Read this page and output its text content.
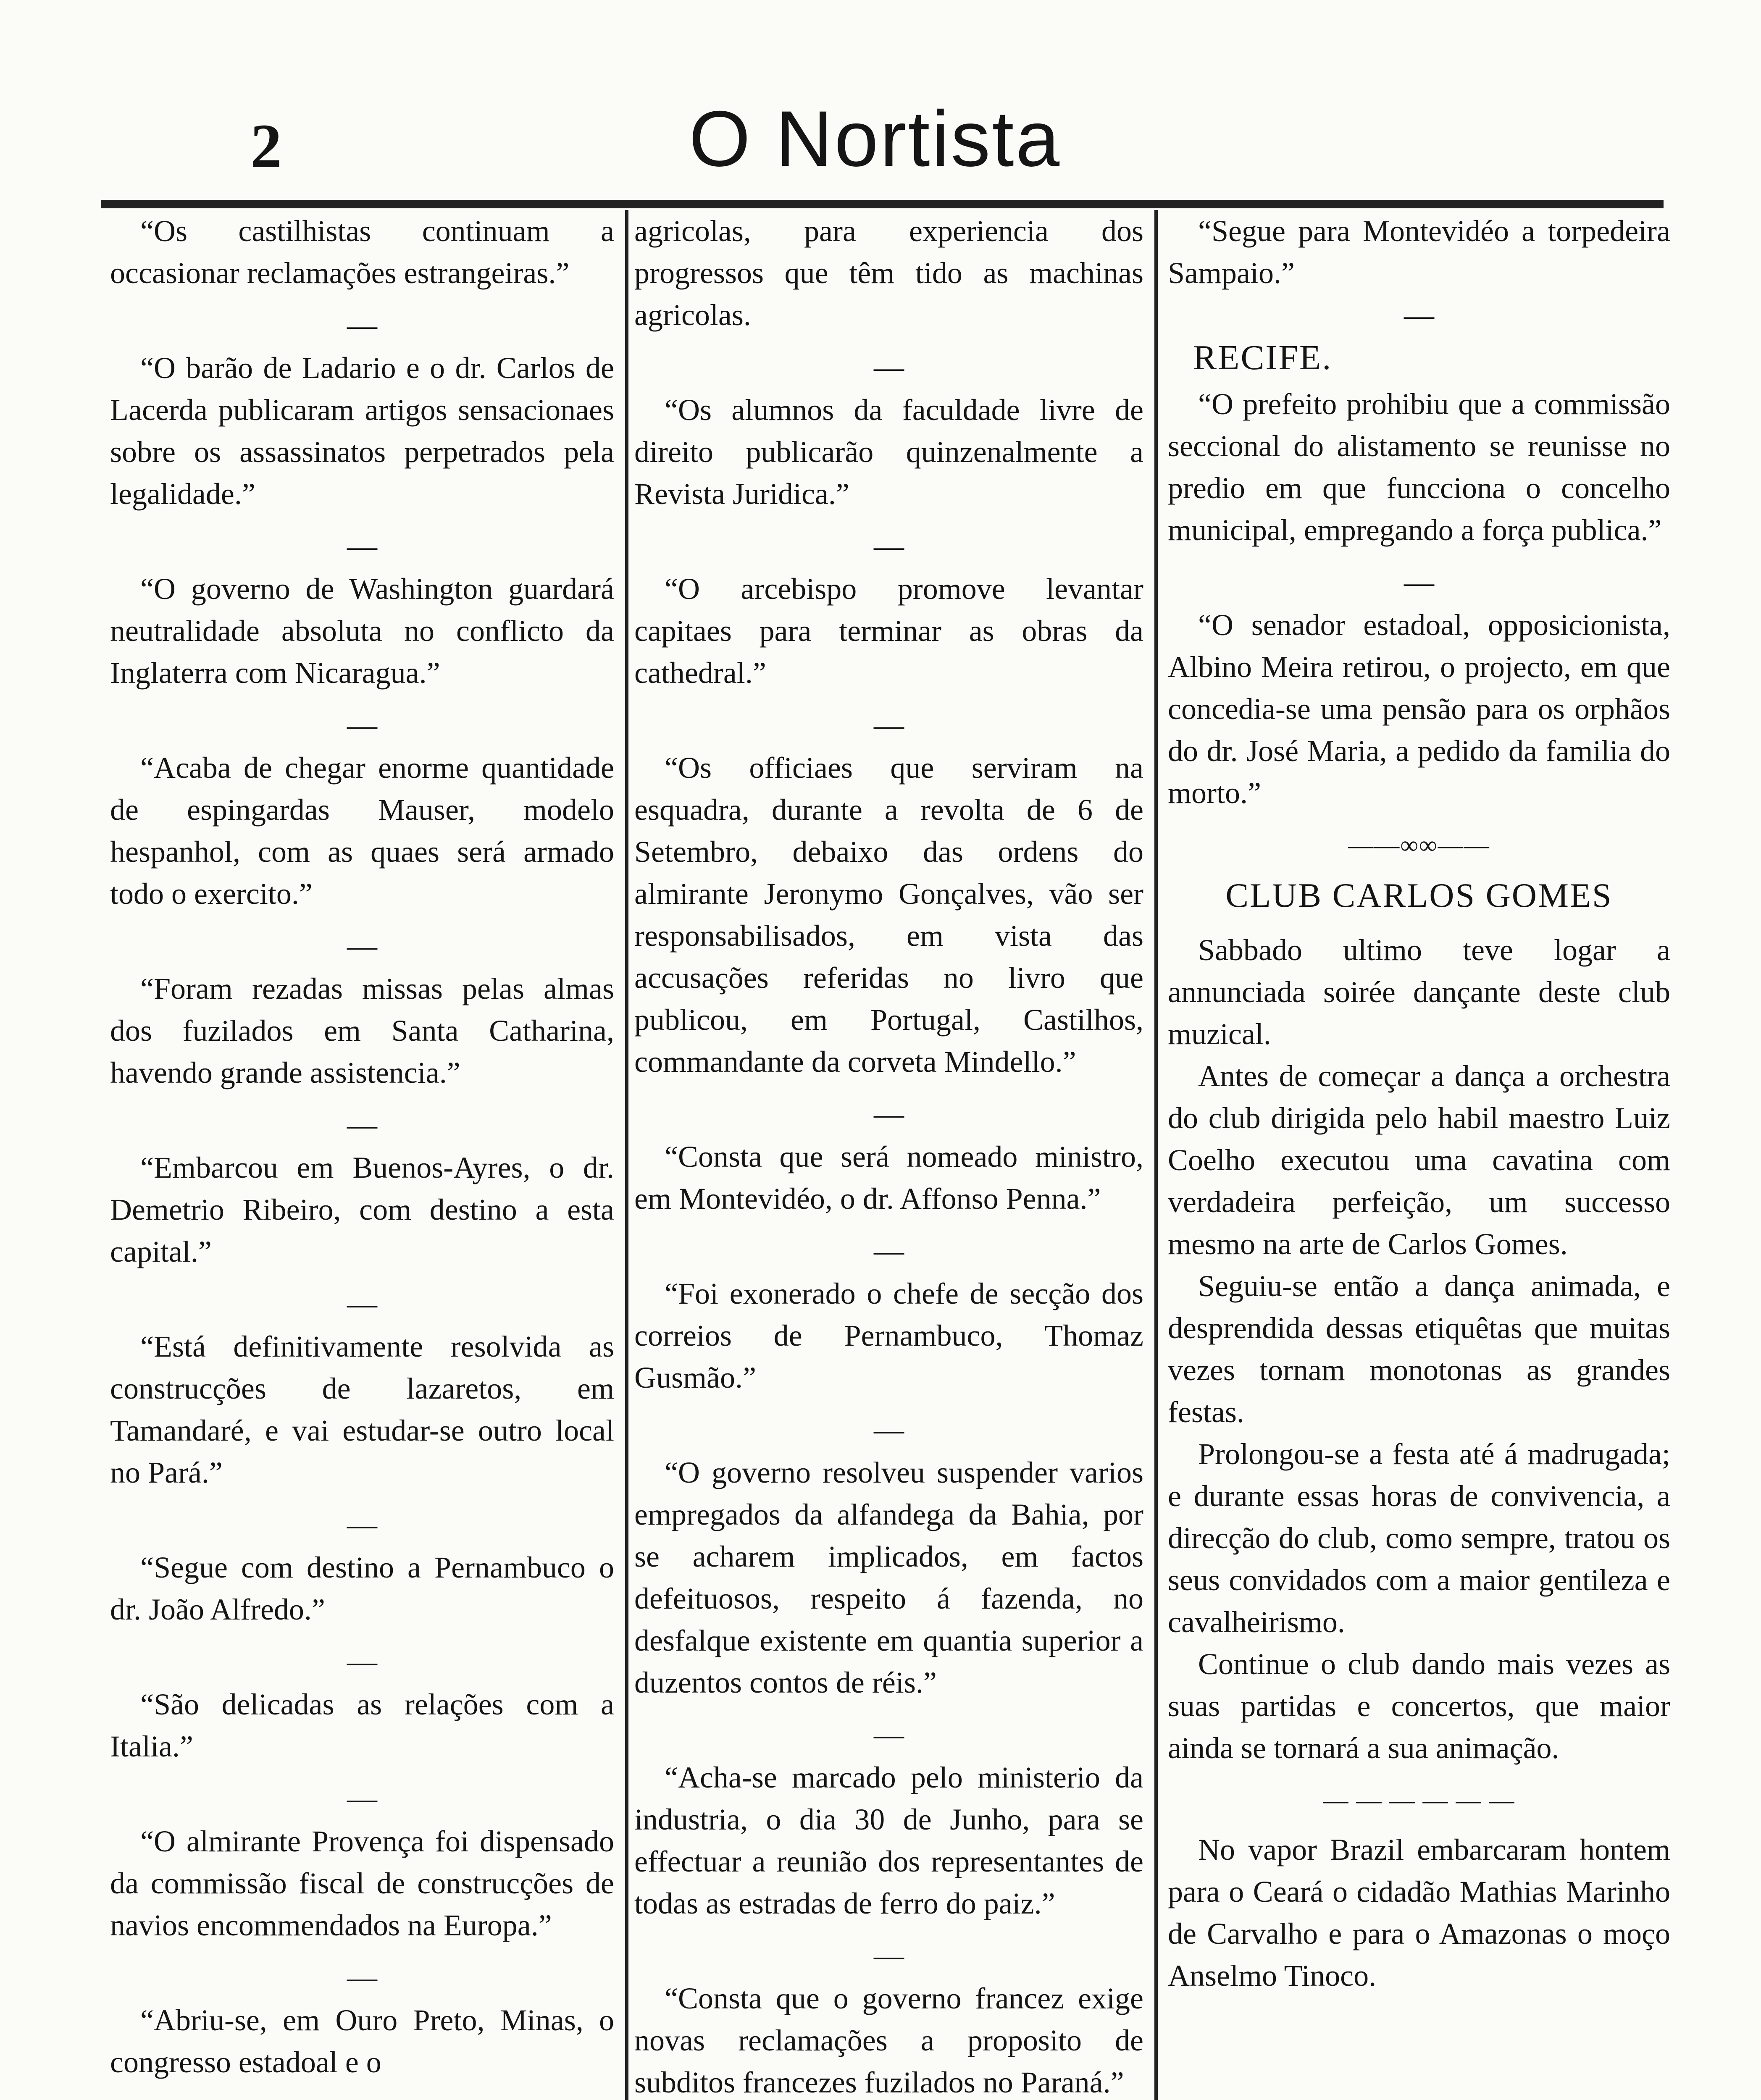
2	O Nortista

“Os castilhistas continuam a occasionar reclamações estrangeiras.”

—

“O barão de Ladario e o dr. Carlos de Lacerda publicaram artigos sensacionaes sobre os assassinatos perpetrados pela legalidade.”

—

“O governo de Washington guardará neutralidade absoluta no conflicto da Inglaterra com Nicaragua.”

—

“Acaba de chegar enorme quantidade de espingardas Mauser, modelo hespanhol, com as quaes será armado todo o exercito.”

—

“Foram rezadas missas pelas almas dos fuzilados em Santa Catharina, havendo grande assistencia.”

—

“Embarcou em Buenos-Ayres, o dr. Demetrio Ribeiro, com destino a esta capital.”

—

“Está definitivamente resolvida as construcções de lazaretos, em Tamandaré, e vai estudar-se outro local no Pará.”

—

“Segue com destino a Pernambuco o dr. João Alfredo.”

—

“São delicadas as relações com a Italia.”

—

“O almirante Provença foi dispensado da commissão fiscal de construcções de navios encommendados na Europa.”

—

“Abriu-se, em Ouro Preto, Minas, o congresso estadoal e o

agricolas, para experiencia dos progressos que têm tido as machinas agricolas.

—

“Os alumnos da faculdade livre de direito publicarão quinzenalmente a Revista Juridica.”

—

“O arcebispo promove levantar capitaes para terminar as obras da cathedral.”

—

“Os officiaes que serviram na esquadra, durante a revolta de 6 de Setembro, debaixo das ordens do almirante Jeronymo Gonçalves, vão ser responsabilisados, em vista das accusações referidas no livro que publicou, em Portugal, Castilhos, commandante da corveta Mindello.”

—

“Consta que será nomeado ministro, em Montevidéo, o dr. Affonso Penna.”

—

“Foi exonerado o chefe de secção dos correios de Pernambuco, Thomaz Gusmão.”

—

“O governo resolveu suspender varios empregados da alfandega da Bahia, por se acharem implicados, em factos defeituosos, respeito á fazenda, no desfalque existente em quantia superior a duzentos contos de réis.”

—

“Acha-se marcado pelo ministerio da industria, o dia 30 de Junho, para se effectuar a reunião dos representantes de todas as estradas de ferro do paiz.”

—

“Consta que o governo francez exige novas reclamações a proposito de subditos francezes fuzilados no Paraná.”

“Segue para Montevidéo a torpedeira Sampaio.”

—
RECIFE.

“O prefeito prohibiu que a commissão seccional do alistamento se reunisse no predio em que funcciona o concelho municipal, empregando a força publica.”

—

“O senador estadoal, opposicionista, Albino Meira retirou, o projecto, em que concedia-se uma pensão para os orphãos do dr. José Maria, a pedido da familia do morto.”

——∞∞——
CLUB CARLOS GOMES

Sabbado ultimo teve logar a annunciada soirée dançante deste club muzical.

Antes de começar a dança a orchestra do club dirigida pelo habil maestro Luiz Coelho executou uma cavatina com verdadeira perfeição, um successo mesmo na arte de Carlos Gomes.

Seguiu-se então a dança animada, e desprendida dessas etiquêtas que muitas vezes tornam monotonas as grandes festas.

Prolongou-se a festa até á madrugada; e durante essas horas de convivencia, a direcção do club, como sempre, tratou os seus convidados com a maior gentileza e cavalheirismo.

Continue o club dando mais vezes as suas partidas e concertos, que maior ainda se tornará a sua animação.

— — — — — —

No vapor Brazil embarcaram hontem para o Ceará o cidadão Mathias Marinho de Carvalho e para o Amazonas o moço Anselmo Tinoco.
